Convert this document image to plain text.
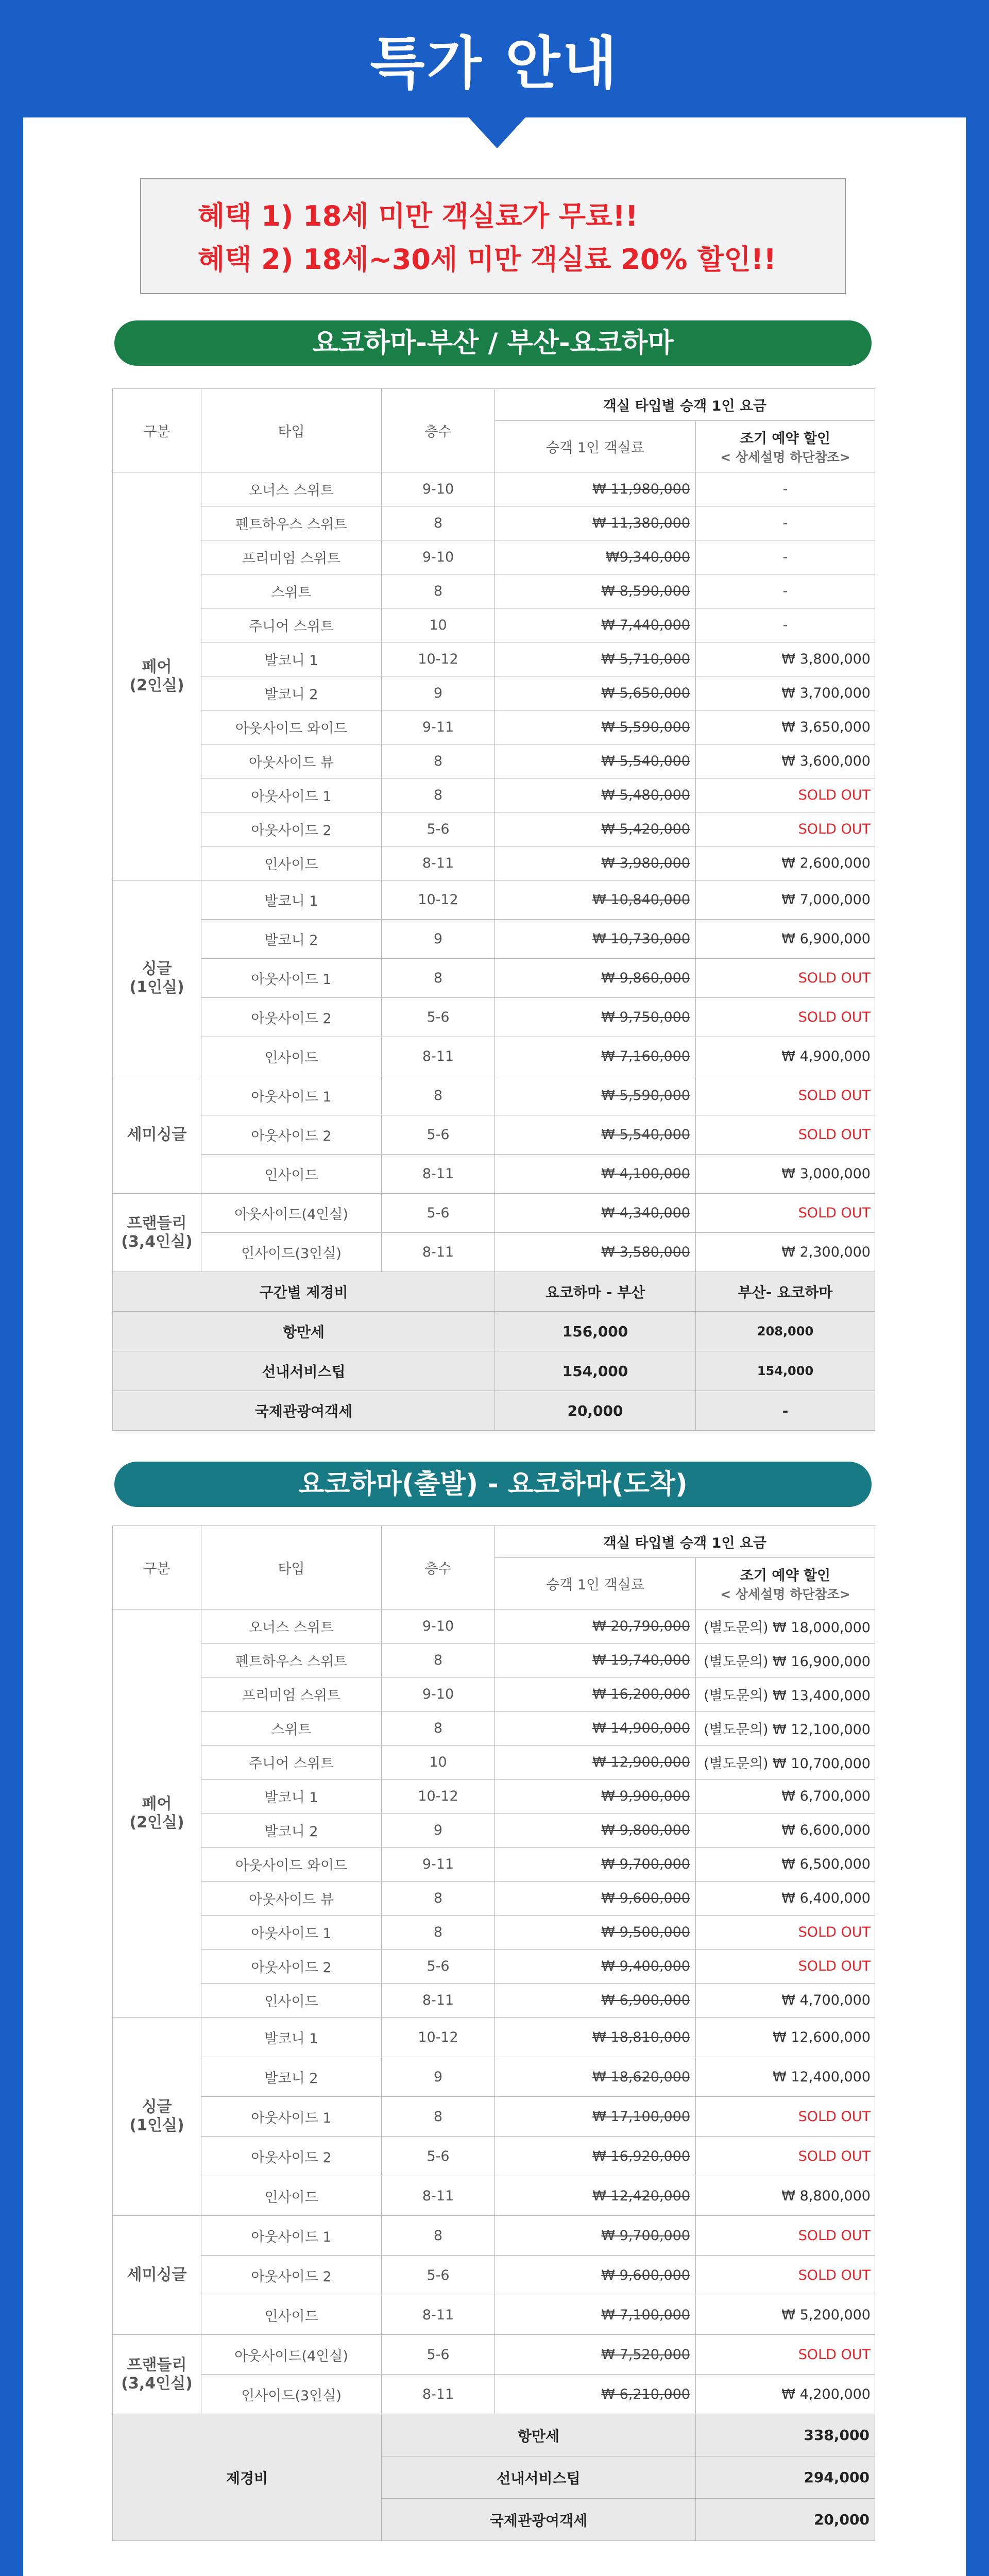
특가 안내
혜택 1) 18세 미만 객실료가 무료!!
혜택 2) 18세~30세 미만 객실료 20% 할인!!
요코하마-부산 / 부산-요코하마
구분	타입	층수	객실 타입별 승객 1인 요금	
			승객 1인 객실료	조기 예약 할인
< 상세설명 하단참조>

페어
(2인실)	오너스 스위트	9-10	₩ 11,980,000	-
	펜트하우스 스위트	8	₩ 11,380,000	-
	프리미엄 스위트	9-10	₩9,340,000	-
	스위트	8	₩ 8,590,000	-
	주니어 스위트	10	₩ 7,440,000	-
	발코니 1	10-12	₩ 5,710,000	₩ 3,800,000
	발코니 2	9	₩ 5,650,000	₩ 3,700,000
	아웃사이드 와이드	9-11	₩ 5,590,000	₩ 3,650,000
	아웃사이드 뷰	8	₩ 5,540,000	₩ 3,600,000
	아웃사이드 1	8	₩ 5,480,000	SOLD OUT
	아웃사이드 2	5-6	₩ 5,420,000	SOLD OUT
	인사이드	8-11	₩ 3,980,000	₩ 2,600,000
싱글
(1인실)	발코니 1	10-12	₩ 10,840,000	₩ 7,000,000
	발코니 2	9	₩ 10,730,000	₩ 6,900,000
	아웃사이드 1	8	₩ 9,860,000	SOLD OUT
	아웃사이드 2	5-6	₩ 9,750,000	SOLD OUT
	인사이드	8-11	₩ 7,160,000	₩ 4,900,000
세미싱글	아웃사이드 1	8	₩ 5,590,000	SOLD OUT
	아웃사이드 2	5-6	₩ 5,540,000	SOLD OUT
	인사이드	8-11	₩ 4,100,000	₩ 3,000,000
프랜들리
(3,4인실)	아웃사이드(4인실)	5-6	₩ 4,340,000	SOLD OUT
	인사이드(3인실)	8-11	₩ 3,580,000	₩ 2,300,000
구간별 제경비			요코하마 - 부산	부산- 요코하마
항만세			156,000	208,000
선내서비스팁			154,000	154,000
국제관광여객세			20,000	-
요코하마(출발) - 요코하마(도착)
구분	타입	층수	객실 타입별 승객 1인 요금	
			승객 1인 객실료	조기 예약 할인
< 상세설명 하단참조>

페어
(2인실)	오너스 스위트	9-10	₩ 20,790,000	(별도문의) ₩ 18,000,000
	펜트하우스 스위트	8	₩ 19,740,000	(별도문의) ₩ 16,900,000
	프리미엄 스위트	9-10	₩ 16,200,000	(별도문의) ₩ 13,400,000
	스위트	8	₩ 14,900,000	(별도문의) ₩ 12,100,000
	주니어 스위트	10	₩ 12,900,000	(별도문의) ₩ 10,700,000
	발코니 1	10-12	₩ 9,900,000	₩ 6,700,000
	발코니 2	9	₩ 9,800,000	₩ 6,600,000
	아웃사이드 와이드	9-11	₩ 9,700,000	₩ 6,500,000
	아웃사이드 뷰	8	₩ 9,600,000	₩ 6,400,000
	아웃사이드 1	8	₩ 9,500,000	SOLD OUT
	아웃사이드 2	5-6	₩ 9,400,000	SOLD OUT
	인사이드	8-11	₩ 6,900,000	₩ 4,700,000
싱글
(1인실)	발코니 1	10-12	₩ 18,810,000	₩ 12,600,000
	발코니 2	9	₩ 18,620,000	₩ 12,400,000
	아웃사이드 1	8	₩ 17,100,000	SOLD OUT
	아웃사이드 2	5-6	₩ 16,920,000	SOLD OUT
	인사이드	8-11	₩ 12,420,000	₩ 8,800,000
세미싱글	아웃사이드 1	8	₩ 9,700,000	SOLD OUT
	아웃사이드 2	5-6	₩ 9,600,000	SOLD OUT
	인사이드	8-11	₩ 7,100,000	₩ 5,200,000
프랜들리
(3,4인실)	아웃사이드(4인실)	5-6	₩ 7,520,000	SOLD OUT
	인사이드(3인실)	8-11	₩ 6,210,000	₩ 4,200,000
제경비		항만세		338,000
		선내서비스팁		294,000
		국제관광여객세		20,000
